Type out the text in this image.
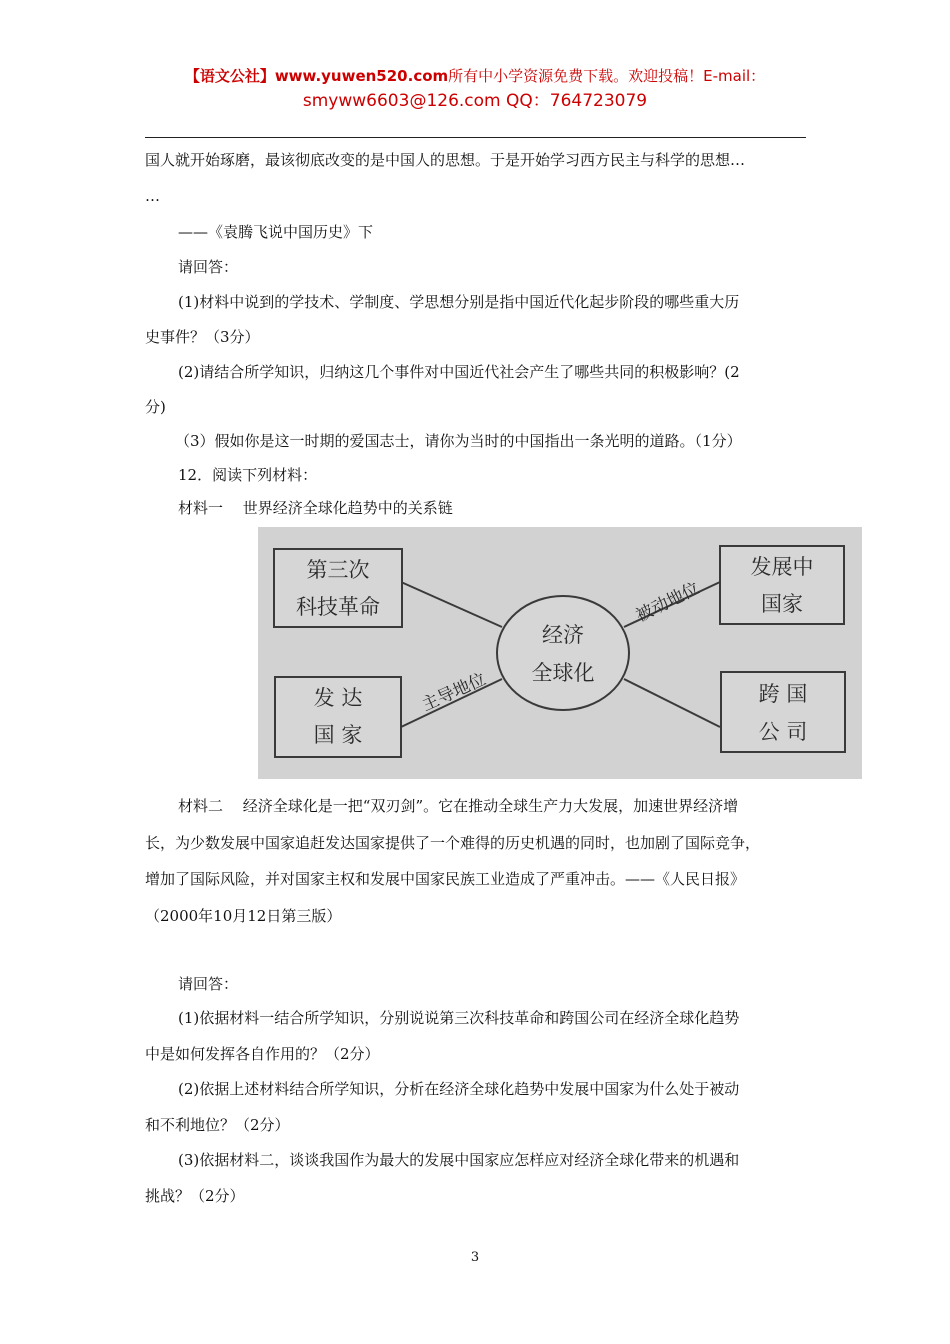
【语文公社】www.yuwen520.com所有中小学资源免费下载。欢迎投稿！E-mail：
smyww6603@126.com QQ：764723079
国人就开始琢磨，最该彻底改变的是中国人的思想。于是开始学习西方民主与科学的思想…
…
——《袁腾飞说中国历史》下
请回答：
(1)材料中说到的学技术、学制度、学思想分别是指中国近代化起步阶段的哪些重大历
史事件？（3分）
(2)请结合所学知识，归纳这几个事件对中国近代社会产生了哪些共同的积极影响？(2
分)
（3）假如你是这一时期的爱国志士，请你为当时的中国指出一条光明的道路。（1分）
12．阅读下列材料：
材料一　 世界经济全球化趋势中的关系链
第三次
科技革命
发 达
国 家
经济
全球化
发展中
国家
跨 国
公 司
主导地位
被动地位
材料二　 经济全球化是一把“双刃剑”。它在推动全球生产力大发展，加速世界经济增
长，为少数发展中国家追赶发达国家提供了一个难得的历史机遇的同时，也加剧了国际竞争，
增加了国际风险，并对国家主权和发展中国家民族工业造成了严重冲击。——《人民日报》
（2000年10月12日第三版）
请回答：
(1)依据材料一结合所学知识，分别说说第三次科技革命和跨国公司在经济全球化趋势
中是如何发挥各自作用的？（2分）
(2)依据上述材料结合所学知识，分析在经济全球化趋势中发展中国家为什么处于被动
和不利地位？（2分）
(3)依据材料二，谈谈我国作为最大的发展中国家应怎样应对经济全球化带来的机遇和
挑战？（2分）
3
